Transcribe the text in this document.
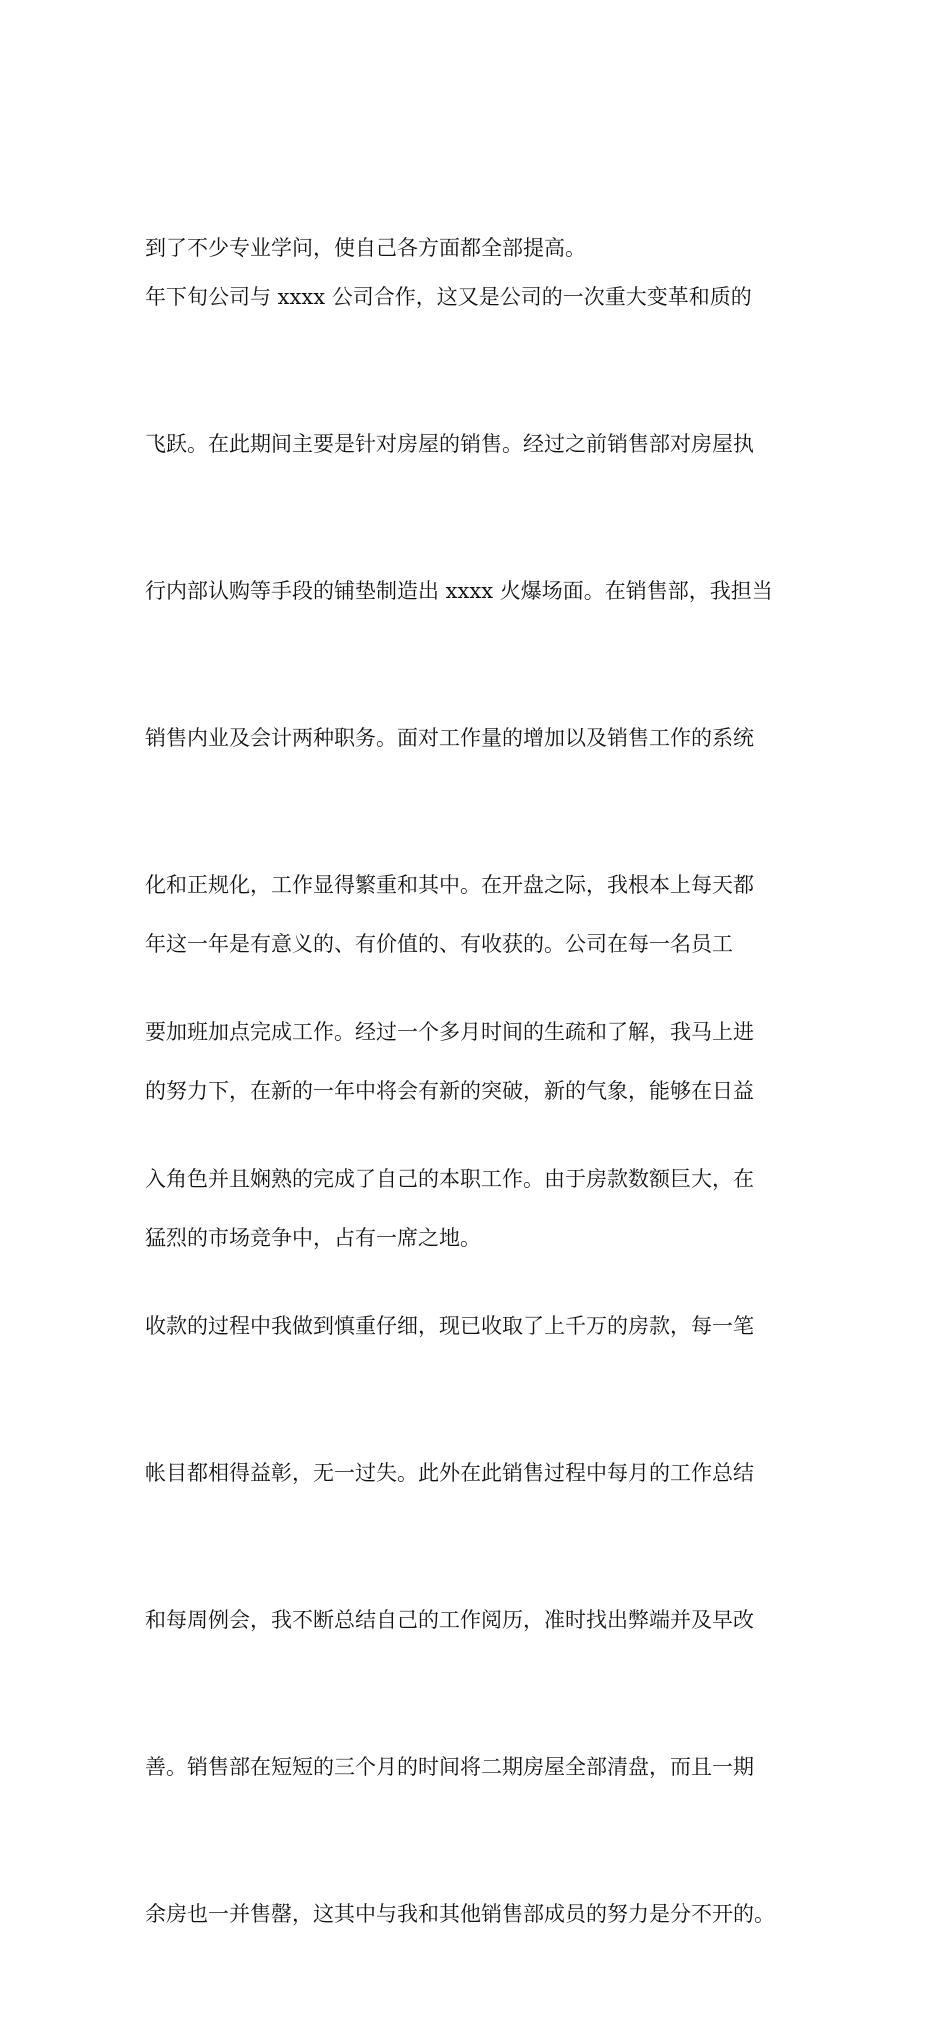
到了不少专业学问，使自己各方面都全部提高。

年下旬公司与 xxxx 公司合作，这又是公司的一次重大变革和质的

飞跃。在此期间主要是针对房屋的销售。经过之前销售部对房屋执

行内部认购等手段的铺垫制造出 xxxx 火爆场面。在销售部，我担当

销售内业及会计两种职务。面对工作量的增加以及销售工作的系统

化和正规化，工作显得繁重和其中。在开盘之际，我根本上每天都

要加班加点完成工作。经过一个多月时间的生疏和了解，我马上进

入角色并且娴熟的完成了自己的本职工作。由于房款数额巨大，在

收款的过程中我做到慎重仔细，现已收取了上千万的房款，每一笔

帐目都相得益彰，无一过失。此外在此销售过程中每月的工作总结

和每周例会，我不断总结自己的工作阅历，准时找出弊端并及早改

善。销售部在短短的三个月的时间将二期房屋全部清盘，而且一期

余房也一并售罄，这其中与我和其他销售部成员的努力是分不开的。

年这一年是有意义的、有价值的、有收获的。公司在每一名员工

的努力下，在新的一年中将会有新的突破，新的气象，能够在日益

猛烈的市场竞争中，占有一席之地。
